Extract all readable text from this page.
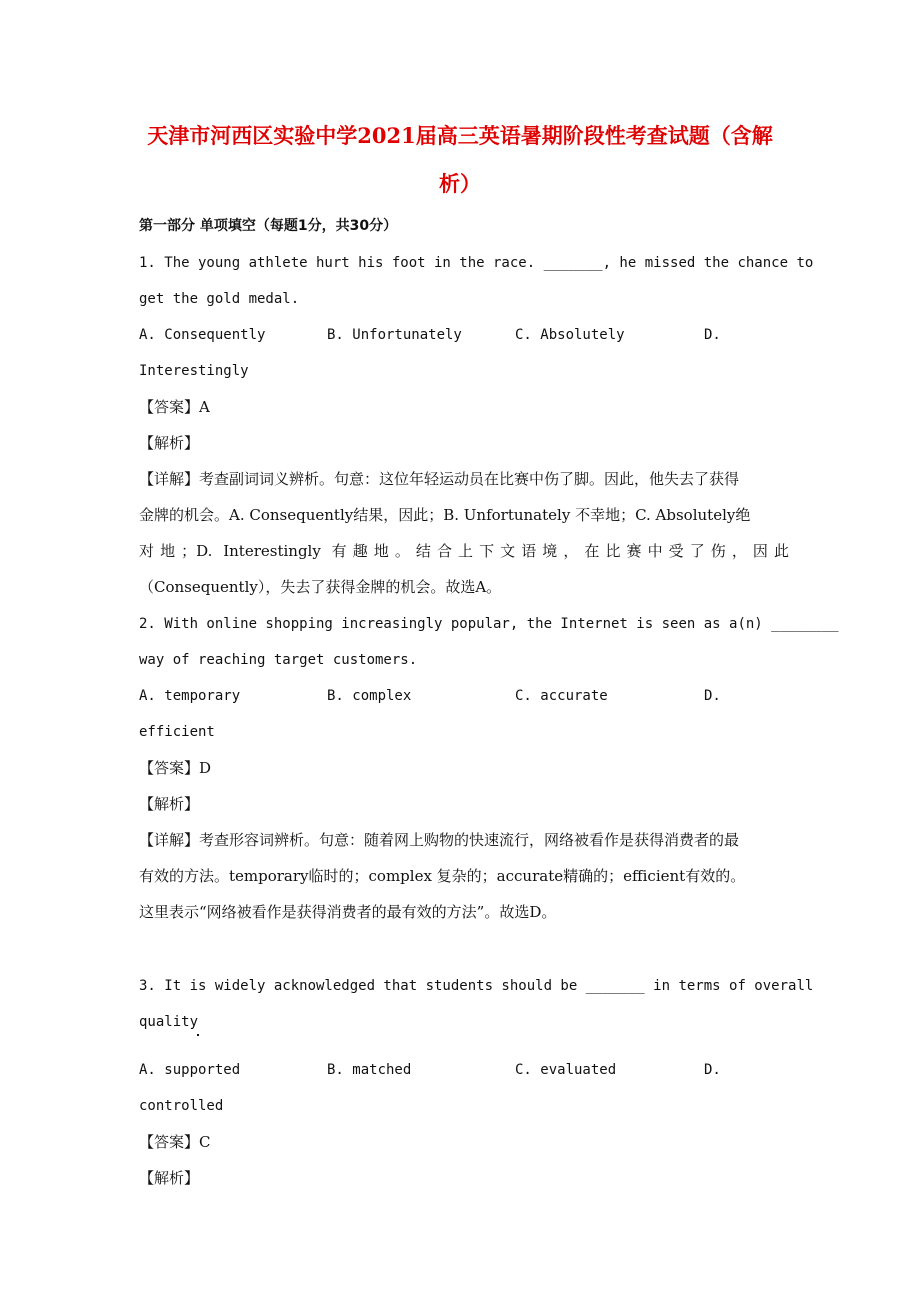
天津市河西区实验中学2021届高三英语暑期阶段性考查试题（含解
析）
第一部分 单项填空（每题1分，共30分）
1. The young athlete hurt his foot in the race. _______, he missed the chance to
get the gold medal.
A. Consequently	B. Unfortunately	C. Absolutely	D.
Interestingly
【答案】A
【解析】
【详解】考查副词词义辨析。句意：这位年轻运动员在比赛中伤了脚。因此，他失去了获得
金牌的机会。A. Consequently结果，因此；B. Unfortunately 不幸地；C. Absolutely绝
对地；D. Interestingly 有趣地。结合上下文语境，在比赛中受了伤，因此
（Consequently），失去了获得金牌的机会。故选A。
2. With online shopping increasingly popular, the Internet is seen as a(n) ________
way of reaching target customers.
A. temporary	B. complex	C. accurate	D.
efficient
【答案】D
【解析】
【详解】考查形容词辨析。句意：随着网上购物的快速流行，网络被看作是获得消费者的最
有效的方法。temporary临时的；complex 复杂的；accurate精确的；efficient有效的。
这里表示“网络被看作是获得消费者的最有效的方法”。故选D。
3. It is widely acknowledged that students should be _______ in terms of overall
quality
A. supported	B. matched	C. evaluated	D.
controlled
【答案】C
【解析】
